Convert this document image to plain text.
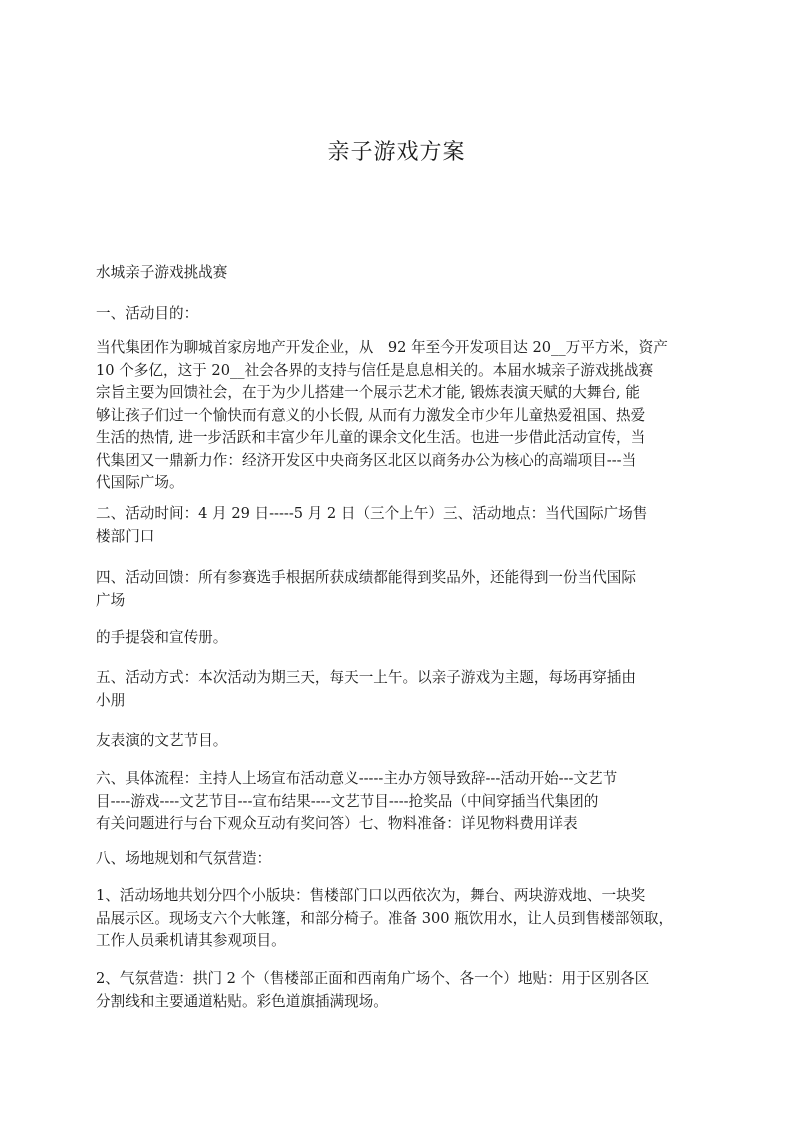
亲子游戏方案
水城亲子游戏挑战赛
一、活动目的：
当代集团作为聊城首家房地产开发企业，从　92 年至今开发项目达 20__万平方米，资产
10 个多亿，这于 20__社会各界的支持与信任是息息相关的。本届水城亲子游戏挑战赛
宗旨主要为回馈社会，在于为少儿搭建一个展示艺术才能, 锻炼表演天赋的大舞台, 能
够让孩子们过一个愉快而有意义的小长假, 从而有力激发全市少年儿童热爱祖国、热爱
生活的热情, 进一步活跃和丰富少年儿童的课余文化生活。也进一步借此活动宣传，当
代集团又一鼎新力作：经济开发区中央商务区北区以商务办公为核心的高端项目---当
代国际广场。
二、活动时间：4 月 29 日-----5 月 2 日（三个上午）三、活动地点：当代国际广场售
楼部门口
四、活动回馈：所有参赛选手根据所获成绩都能得到奖品外，还能得到一份当代国际
广场
的手提袋和宣传册。
五、活动方式：本次活动为期三天，每天一上午。以亲子游戏为主题，每场再穿插由
小朋
友表演的文艺节目。
六、具体流程：主持人上场宣布活动意义-----主办方领导致辞---活动开始---文艺节
目----游戏----文艺节目---宣布结果----文艺节目----抢奖品（中间穿插当代集团的
有关问题进行与台下观众互动有奖问答）七、物料准备：详见物料费用详表
八、场地规划和气氛营造：
1、活动场地共划分四个小版块：售楼部门口以西依次为，舞台、两块游戏地、一块奖
品展示区。现场支六个大帐篷，和部分椅子。准备 300 瓶饮用水，让人员到售楼部领取，
工作人员乘机请其参观项目。
2、气氛营造：拱门 2 个（售楼部正面和西南角广场个、各一个）地贴：用于区别各区
分割线和主要通道粘贴。彩色道旗插满现场。
